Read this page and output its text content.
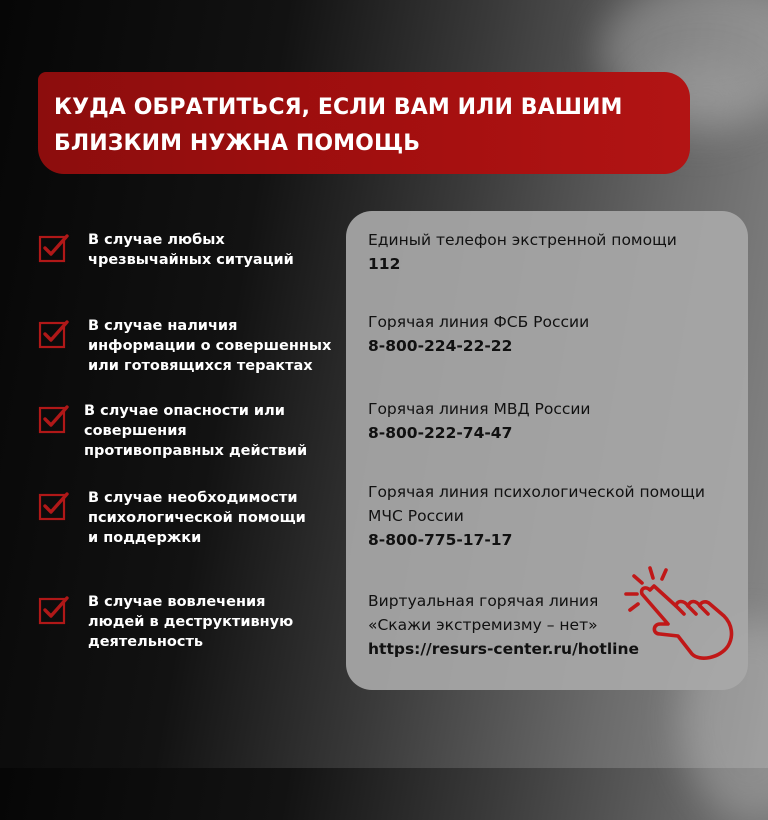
КУДА ОБРАТИТЬСЯ, ЕСЛИ ВАМ ИЛИ ВАШИМ
БЛИЗКИМ НУЖНА ПОМОЩЬ
В случае любых
чрезвычайных ситуаций
В случае наличия
информации о совершенных
или готовящихся терактах
В случае опасности или
совершения
противоправных действий
В случае необходимости
психологической помощи
и поддержки
В случае вовлечения
людей в деструктивную
деятельность
Единый телефон экстренной помощи
112
Горячая линия ФСБ России
8-800-224-22-22
Горячая линия МВД России
8-800-222-74-47
Горячая линия психологической помощи
МЧС России
8-800-775-17-17
Виртуальная горячая линия
«Скажи экстремизму – нет»
https://resurs-center.ru/hotline
